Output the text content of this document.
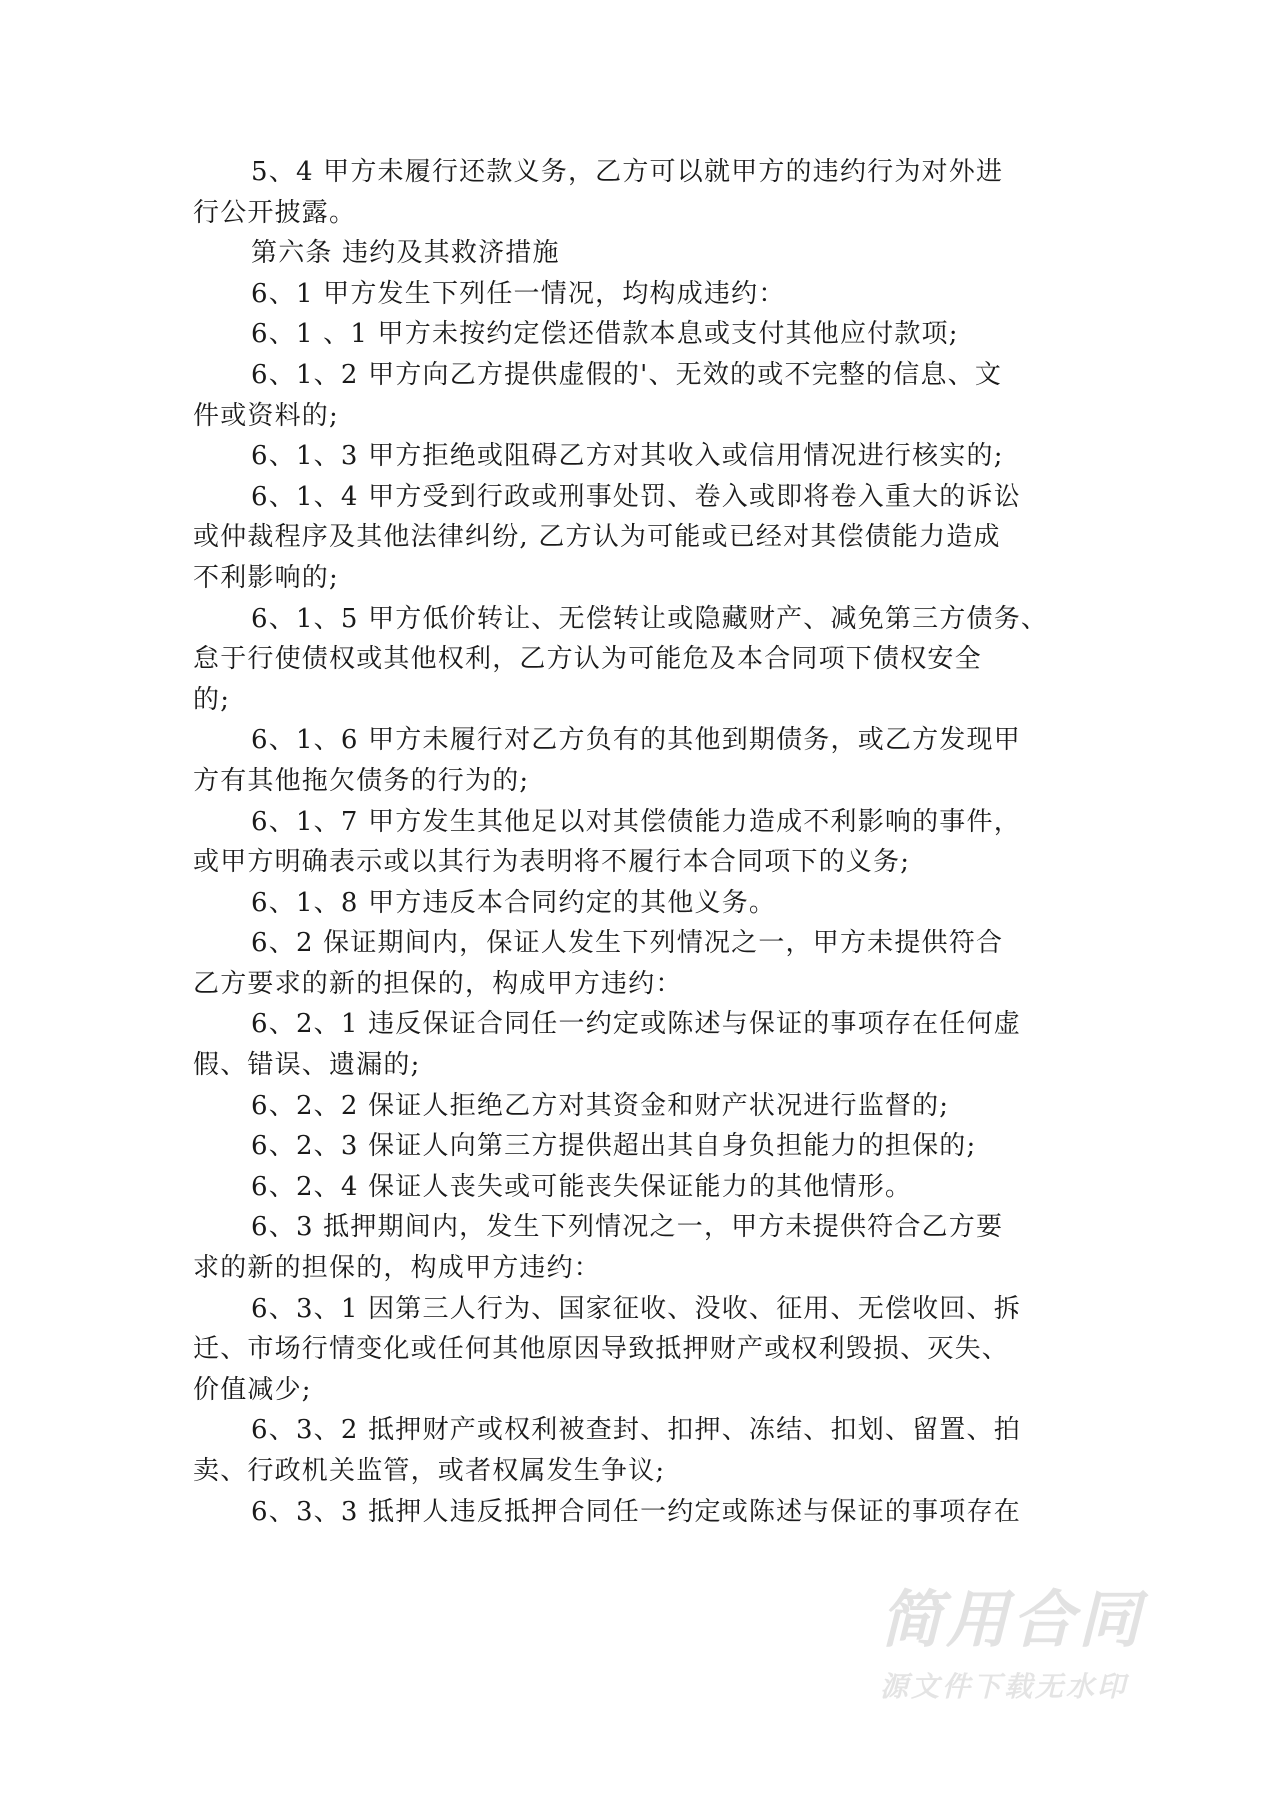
5、4 甲方未履行还款义务，乙方可以就甲方的违约行为对外进
行公开披露。
第六条 违约及其救济措施
6、1 甲方发生下列任一情况，均构成违约：
6、1 、1 甲方未按约定偿还借款本息或支付其他应付款项;
6、1、2 甲方向乙方提供虚假的'、无效的或不完整的信息、文
件或资料的;
6、1、3 甲方拒绝或阻碍乙方对其收入或信用情况进行核实的;
6、1、4 甲方受到行政或刑事处罚、卷入或即将卷入重大的诉讼
或仲裁程序及其他法律纠纷, 乙方认为可能或已经对其偿债能力造成
不利影响的;
6、1、5 甲方低价转让、无偿转让或隐藏财产、减免第三方债务、
怠于行使债权或其他权利，乙方认为可能危及本合同项下债权安全
的;
6、1、6 甲方未履行对乙方负有的其他到期债务，或乙方发现甲
方有其他拖欠债务的行为的;
6、1、7 甲方发生其他足以对其偿债能力造成不利影响的事件，
或甲方明确表示或以其行为表明将不履行本合同项下的义务;
6、1、8 甲方违反本合同约定的其他义务。
6、2 保证期间内，保证人发生下列情况之一，甲方未提供符合
乙方要求的新的担保的，构成甲方违约：
6、2、1 违反保证合同任一约定或陈述与保证的事项存在任何虚
假、错误、遗漏的;
6、2、2 保证人拒绝乙方对其资金和财产状况进行监督的;
6、2、3 保证人向第三方提供超出其自身负担能力的担保的;
6、2、4 保证人丧失或可能丧失保证能力的其他情形。
6、3 抵押期间内，发生下列情况之一，甲方未提供符合乙方要
求的新的担保的，构成甲方违约：
6、3、1 因第三人行为、国家征收、没收、征用、无偿收回、拆
迁、市场行情变化或任何其他原因导致抵押财产或权利毁损、灭失、
价值减少;
6、3、2 抵押财产或权利被查封、扣押、冻结、扣划、留置、拍
卖、行政机关监管，或者权属发生争议;
6、3、3 抵押人违反抵押合同任一约定或陈述与保证的事项存在
简用合同
源文件下载无水印
